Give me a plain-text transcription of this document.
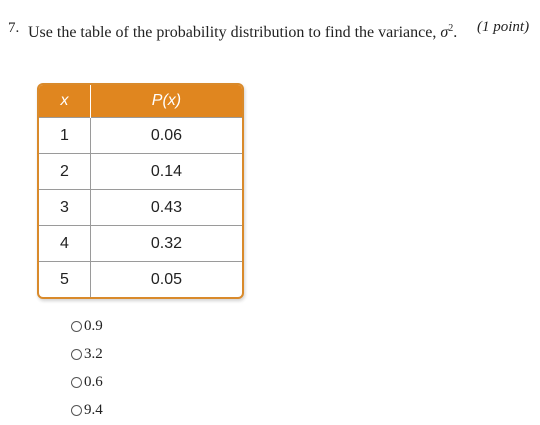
7. Use the table of the probability distribution to find the variance, $\sigma^2$. (1 point)
x	P(x)
1	0.06
2	0.14
3	0.43
4	0.32
5	0.05
0.9
3.2
0.6
9.4
